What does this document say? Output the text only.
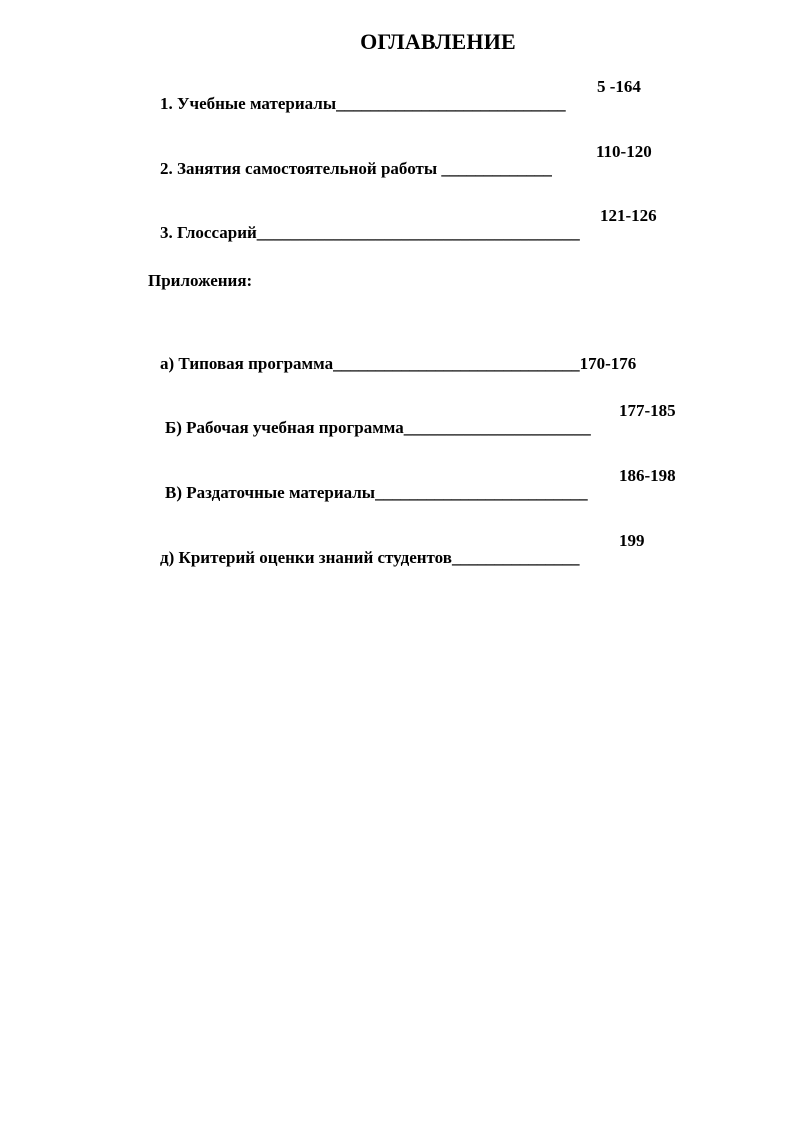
ОГЛАВЛЕНИЕ

1. Учебные материалы___________________________

5 -164

2. Занятия самостоятельной работы _____________

110-120

3. Глоссарий______________________________________

121-126
Приложения:

а) Типовая программа_____________________________170-176

Б) Рабочая учебная программа______________________

177-185

В) Раздаточные материалы_________________________

186-198

д) Критерий оценки знаний студентов_______________

199
